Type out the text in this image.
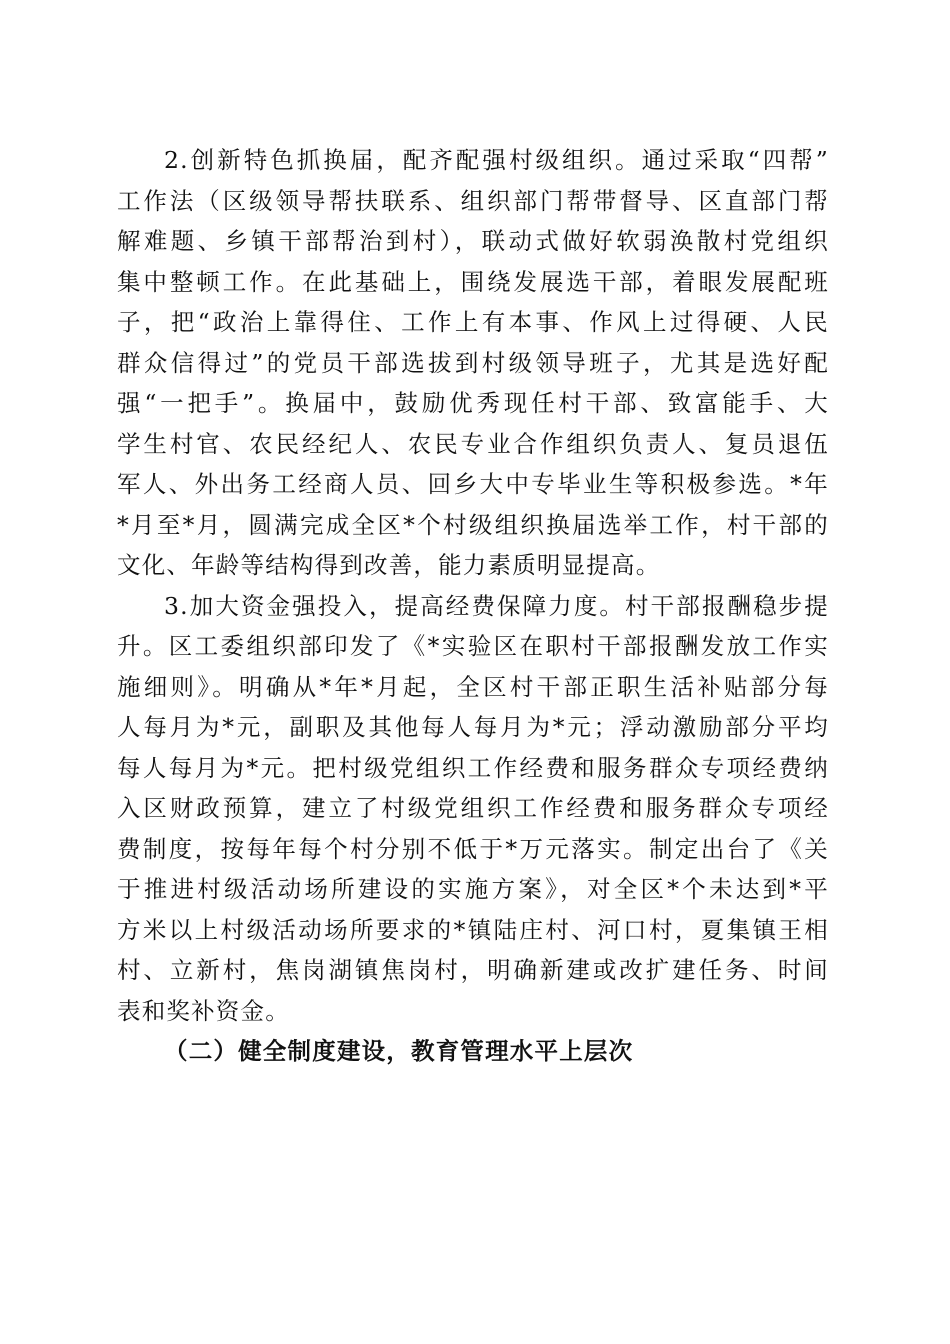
2.创新特色抓换届，配齐配强村级组织。通过采取“四帮”
工作法（区级领导帮扶联系、组织部门帮带督导、区直部门帮
解难题、乡镇干部帮治到村），联动式做好软弱涣散村党组织
集中整顿工作。在此基础上，围绕发展选干部，着眼发展配班
子，把“政治上靠得住、工作上有本事、作风上过得硬、人民
群众信得过”的党员干部选拔到村级领导班子，尤其是选好配
强“一把手”。换届中，鼓励优秀现任村干部、致富能手、大
学生村官、农民经纪人、农民专业合作组织负责人、复员退伍
军人、外出务工经商人员、回乡大中专毕业生等积极参选。*年
*月至*月，圆满完成全区*个村级组织换届选举工作，村干部的
文化、年龄等结构得到改善，能力素质明显提高。
3.加大资金强投入，提高经费保障力度。村干部报酬稳步提
升。区工委组织部印发了《*实验区在职村干部报酬发放工作实
施细则》。明确从*年*月起，全区村干部正职生活补贴部分每
人每月为*元，副职及其他每人每月为*元；浮动激励部分平均
每人每月为*元。把村级党组织工作经费和服务群众专项经费纳
入区财政预算，建立了村级党组织工作经费和服务群众专项经
费制度，按每年每个村分别不低于*万元落实。制定出台了《关
于推进村级活动场所建设的实施方案》，对全区*个未达到*平
方米以上村级活动场所要求的*镇陆庄村、河口村，夏集镇王相
村、立新村，焦岗湖镇焦岗村，明确新建或改扩建任务、时间
表和奖补资金。
（二）健全制度建设，教育管理水平上层次
